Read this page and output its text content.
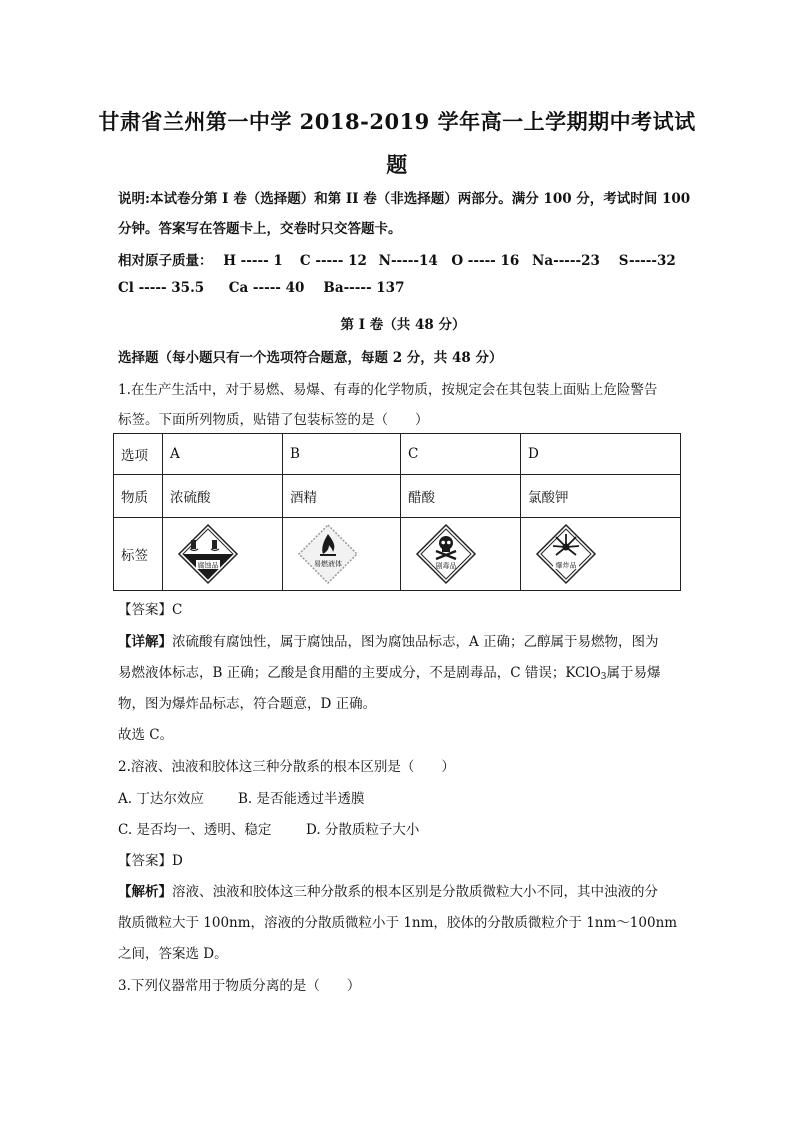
甘肃省兰州第一中学 2018-2019 学年高一上学期期中考试试
题
说明:本试卷分第 I 卷（选择题）和第 II 卷（非选择题）两部分。满分 100 分，考试时间 100
分钟。答案写在答题卡上，交卷时只交答题卡。
相对原子质量： H ----- 1 C ----- 12 N-----14 O ----- 16 Na-----23 S-----32
Cl ----- 35.5 Ca ----- 40 Ba----- 137
第 I 卷（共 48 分）
选择题（每小题只有一个选项符合题意，每题 2 分，共 48 分）
1.在生产生活中，对于易燃、易爆、有毒的化学物质，按规定会在其包装上面贴上危险警告
标签。下面所列物质，贴错了包装标签的是（　　）
选项	A	B	C	D
物质	浓硫酸	酒精	醋酸	氯酸钾
标签	腐蚀品	易燃液体	剧毒品	爆炸品
【答案】C
【详解】浓硫酸有腐蚀性，属于腐蚀品，图为腐蚀品标志，A 正确；乙醇属于易燃物，图为
易燃液体标志，B 正确；乙酸是食用醋的主要成分，不是剧毒品，C 错误；KClO$_3$属于易爆
物，图为爆炸品标志，符合题意，D 正确。
故选 C。
2.溶液、浊液和胶体这三种分散系的根本区别是（　　）
A. 丁达尔效应	B. 是否能透过半透膜
C. 是否均一、透明、稳定	D. 分散质粒子大小
【答案】D
【解析】溶液、浊液和胶体这三种分散系的根本区别是分散质微粒大小不同，其中浊液的分
散质微粒大于 100nm，溶液的分散质微粒小于 1nm，胶体的分散质微粒介于 1nm～100nm
之间，答案选 D。
3.下列仪器常用于物质分离的是（　　）
